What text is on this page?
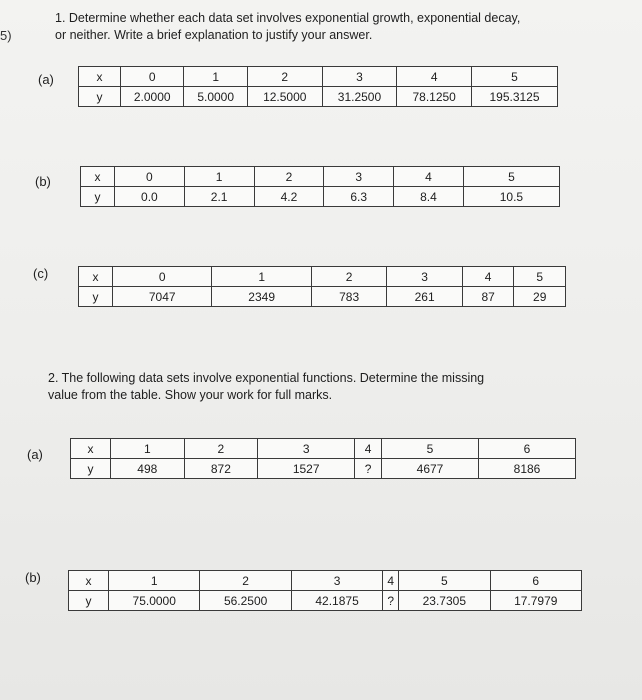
5)
1. Determine whether each data set involves exponential growth, exponential decay,
or neither. Write a brief explanation to justify your answer.
(a)	x	0	1	2	3	4	5
y	2.0000	5.0000	12.5000	31.2500	78.1250	195.3125
(b)	x	0	1	2	3	4	5
y	0.0	2.1	4.2	6.3	8.4	10.5
(c)	x	0	1	2	3	4	5
y	7047	2349	783	261	87	29
2. The following data sets involve exponential functions. Determine the missing
value from the table. Show your work for full marks.
(a)	x	1	2	3	4	5	6
y	498	872	1527	?	4677	8186

(b)	x	1	2	3	4	5	6
y	75.0000	56.2500	42.1875	?	23.7305	17.7979
